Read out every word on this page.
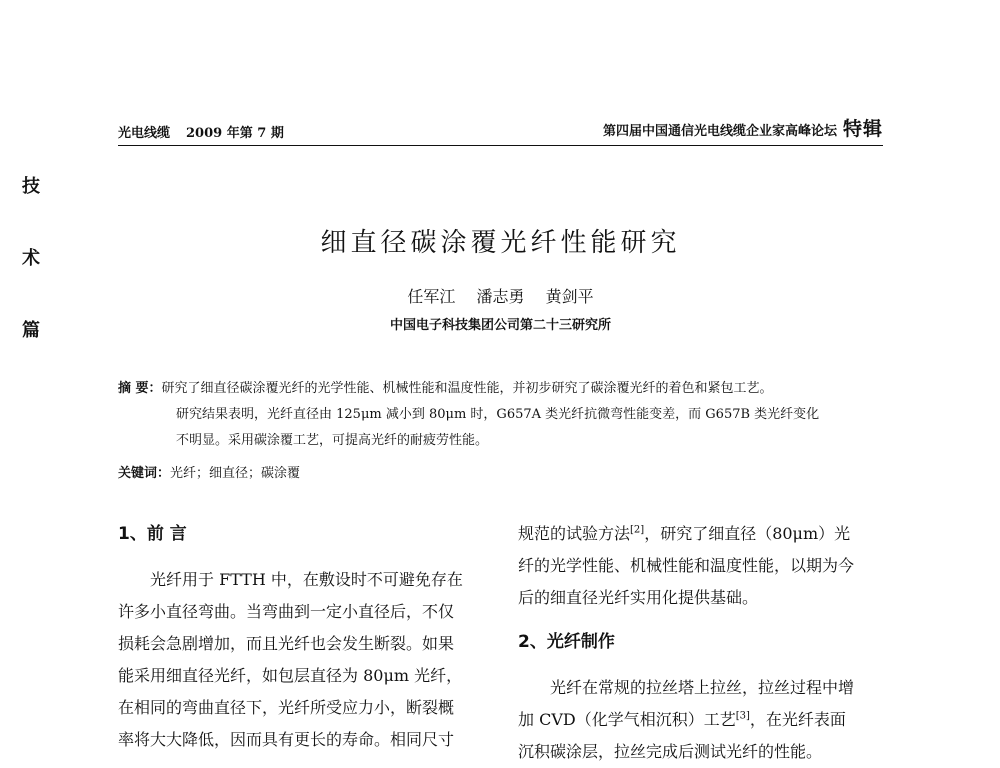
光电线缆 2009 年第 7 期	第四届中国通信光电线缆企业家高峰论坛 特辑
技
术
篇
细直径碳涂覆光纤性能研究
任军江 潘志勇 黄剑平
中国电子科技集团公司第二十三研究所
摘 要：研究了细直径碳涂覆光纤的光学性能、机械性能和温度性能，并初步研究了碳涂覆光纤的着色和紧包工艺。
研究结果表明，光纤直径由 125μm 减小到 80μm 时，G657A 类光纤抗微弯性能变差，而 G657B 类光纤变化
不明显。采用碳涂覆工艺，可提高光纤的耐疲劳性能。
关键词：光纤；细直径；碳涂覆
1、前 言
光纤用于 FTTH 中，在敷设时不可避免存在
许多小直径弯曲。当弯曲到一定小直径后，不仅
损耗会急剧增加，而且光纤也会发生断裂。如果
能采用细直径光纤，如包层直径为 80μm 光纤，
在相同的弯曲直径下，光纤所受应力小，断裂概
率将大大降低，因而具有更长的寿命。相同尺寸
规范的试验方法[2]，研究了细直径（80μm）光
纤的光学性能、机械性能和温度性能，以期为今
后的细直径光纤实用化提供基础。
2、光纤制作
光纤在常规的拉丝塔上拉丝，拉丝过程中增
加 CVD（化学气相沉积）工艺[3]，在光纤表面
沉积碳涂层，拉丝完成后测试光纤的性能。
